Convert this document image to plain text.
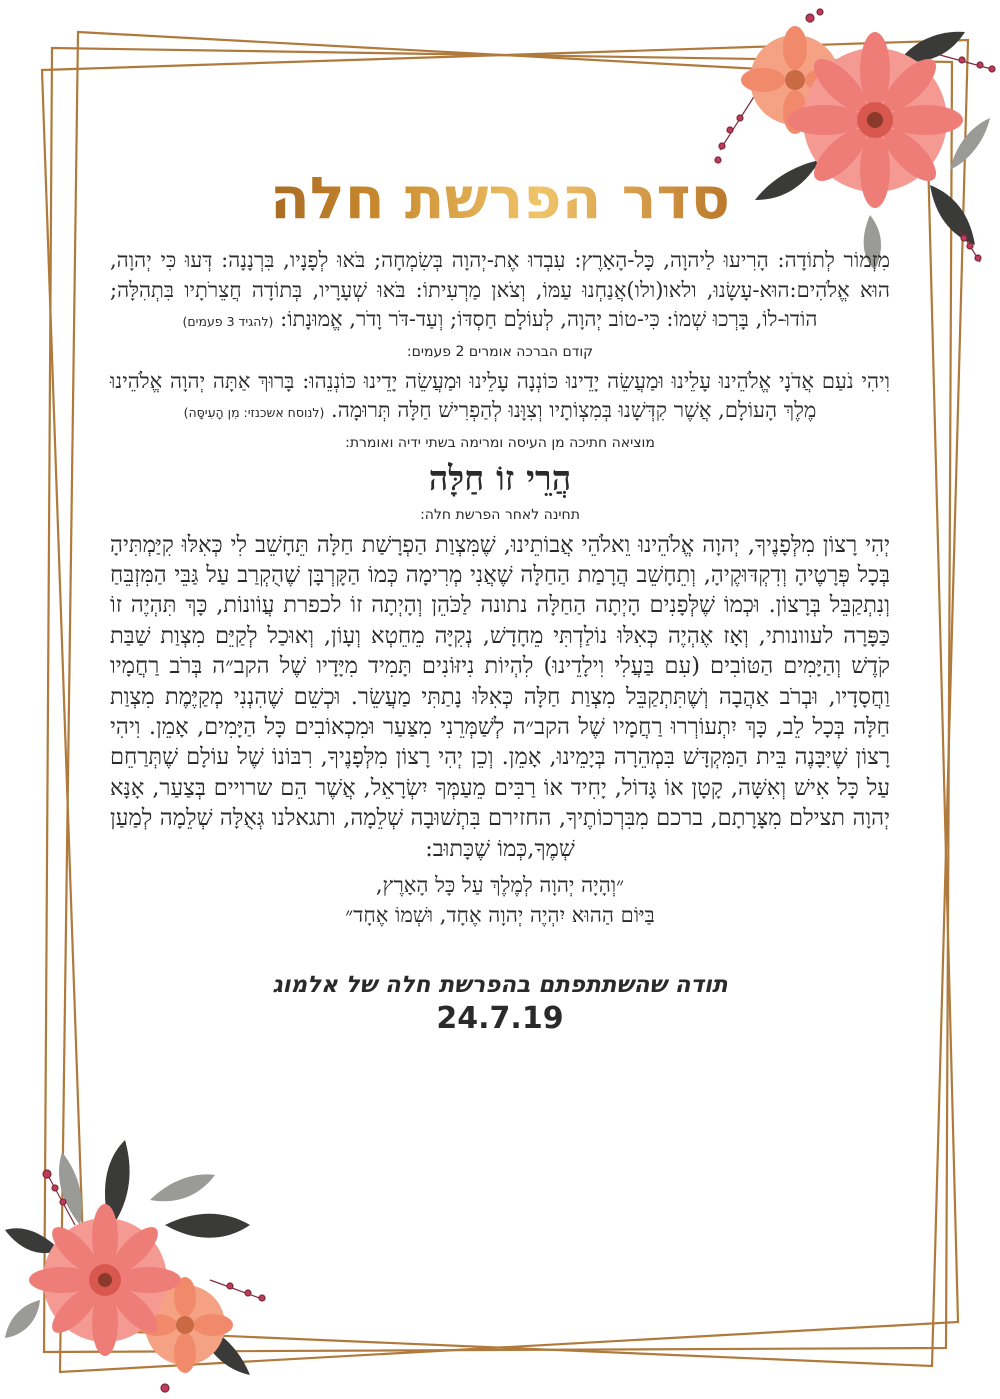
סדר הפרשת חלה

מִזְמוֹר לְתוֹדָה: הָרִיעוּ לַיהוָה, כָּל-הָאָרֶץ: עִבְדוּ אֶת-יְהוָה בְּשִׂמְחָה; בֹּאוּ לְפָנָיו, בִּרְנָנָה: דְּעוּ כִּי יְהוָה, הוּא אֱלֹהִים:הוּא-עָשָׂנוּ, ולאו(ולו)אֲנַחְנוּ עַמּוֹ, וְצֹאן מַרְעִיתוֹ: בֹּאוּ שְׁעָרָיו, בְּתוֹדָה חֲצֵרֹתָיו בִּתְהִלָּה; הוֹדוּ-לוֹ, בָּרְכוּ שְׁמוֹ: כִּי-טוֹב יְהוָה, לְעוֹלָם חַסְדּוֹ; וְעַד-דֹּר וָדֹר, אֱמוּנָתוֹ: (להגיד 3 פעמים)

קודם הברכה אומרים 2 פעמים:

וִיהִי נֹעַם אֲדֹנָי אֱלֹהֵינוּ עָלֵינוּ וּמַעֲשֵׂה יָדֵינוּ כּוֹנְנָה עָלֵינוּ וּמַעֲשֵׂה יָדֵינוּ כּוֹנְנֵהוּ: בָּרוּךְ אַתָּה יְהוָה אֱלֹהֵינוּ מֶלֶךְ הָעוֹלָם, אֲשֶׁר קִדְּשָׁנוּ בְּמִצְוֹתָיו וְצִוָּנוּ לְהַפְרִישׁ חַלָּה תְּרוּמָה. (לנוסח אשכנזי: מִן הָעִיסָּה)

מוציאה חתיכה מן העיסה ומרימה בשתי ידיה ואומרת:

הֲרֵי זוֹ חַלָּה

תחינה לאחר הפרשת חלה:

יְהִי רָצוֹן מִלְּפָנֶיךָ, יְהוָה אֱלֹהֵינוּ וֵאלֹהֵי אֲבוֹתֵינוּ, שֶׁמִּצְוַת הַפְרָשַׁת חַלָּה תֵּחָשֵׁב לִי כְּאִלּוּ קִיַּמְתִּיהָ בְּכָל פְּרָטֶיהָ וְדִקְדּוּקֶיהָ, וְתֵחָשֵׁב הֲרָמַת הַחַלָּה שֶׁאֲנִי מְרִימָה כְּמוֹ הַקָּרְבָּן שֶׁהֻקְרַב עַל גַּבֵּי הַמִּזְבֵּחַ וְנִתְקַבֵּל בְּרָצוֹן. וּכְמוֹ שֶׁלְּפָנִים הָיְתָה הַחַלָּה נתונה לַכֹּהֵן וְהָיְתָה זוֹ לכפרת עֲוֹונוֹת, כָּךְ תִּהְיֶה זוֹ כַּפָּרָה לעוונותי, וְאָז אֶהְיֶה כְּאִלּוּ נוֹלַדְתִּי מֵחָדָשׁ, נְקִיָּה מֵחֵטְא וְעָוֹן, וְאוּכַל לְקַיֵּם מִצְוַת שַׁבַּת קֹדֶשׁ וְהַיָּמִים הַטּוֹבִים (עִם בַּעֲלִי וִילָדֵינוּ) לִהְיוֹת נִיזּוֹנִים תָּמִיד מִיָּדָיו שֶׁל הקב״ה בְּרֹב רַחֲמָיו וַחֲסָדָיו, וּבְרֹב אַהֲבָה וְשֶׁתִּתְקַבֵּל מִצְוַת חַלָּה כְּאִלּוּ נָתַתִּי מַעֲשֵׂר. וּכְשֵׁם שֶׁהִנְנִי מְקַיֶּמֶת מִצְוַת חַלָּה בְּכָל לֵב, כָּךְ יִתְעוֹרְרוּ רַחֲמָיו שֶׁל הקב״ה לְשַׁמְּרֵנִי מִצַּעַר וּמִכְאוֹבִים כָּל הַיָּמִים, אָמֵן. וִיהִי רָצוֹן שֶׁיִּבָּנֶה בֵּית הַמִּקְדָּשׁ בִּמְהֵרָה בְּיָמֵינוּ, אָמֵן. וְכֵן יְהִי רָצוֹן מִלְּפָנֶיךָ, רִבּוֹנוֹ שֶׁל עוֹלָם שֶׁתְּרַחֵם עַל כָּל אִישׁ וְאִשָּׁה, קָטָן אוֹ גָּדוֹל, יָחִיד אוֹ רַבִּים מֵעַמְּךָ יִשְׂרָאֵל, אֲשֶׁר הֵם שרויים בְּצַעַר, אָנָּא יְהוָה תצילם מִצָּרָתָם, ברכם מִבִּרְכוֹתֶיךָ, החזירם בִּתְשׁוּבָה שְׁלֵמָה, ותגאלנו גְּאֻלָּה שְׁלֵמָה לְמַעַן שְׁמֶךָ,כְּמוֹ שֶׁכָּתוּב:

״וְהָיָה יְהוָה לְמֶלֶךְ עַל כָּל הָאָרֶץ,

בַּיּוֹם הַהוּא יִהְיֶה יְהוָה אֶחָד, וּשְׁמוֹ אֶחָד״

תודה שהשתתפתם בהפרשת חלה של אלמוג

24.7.19
